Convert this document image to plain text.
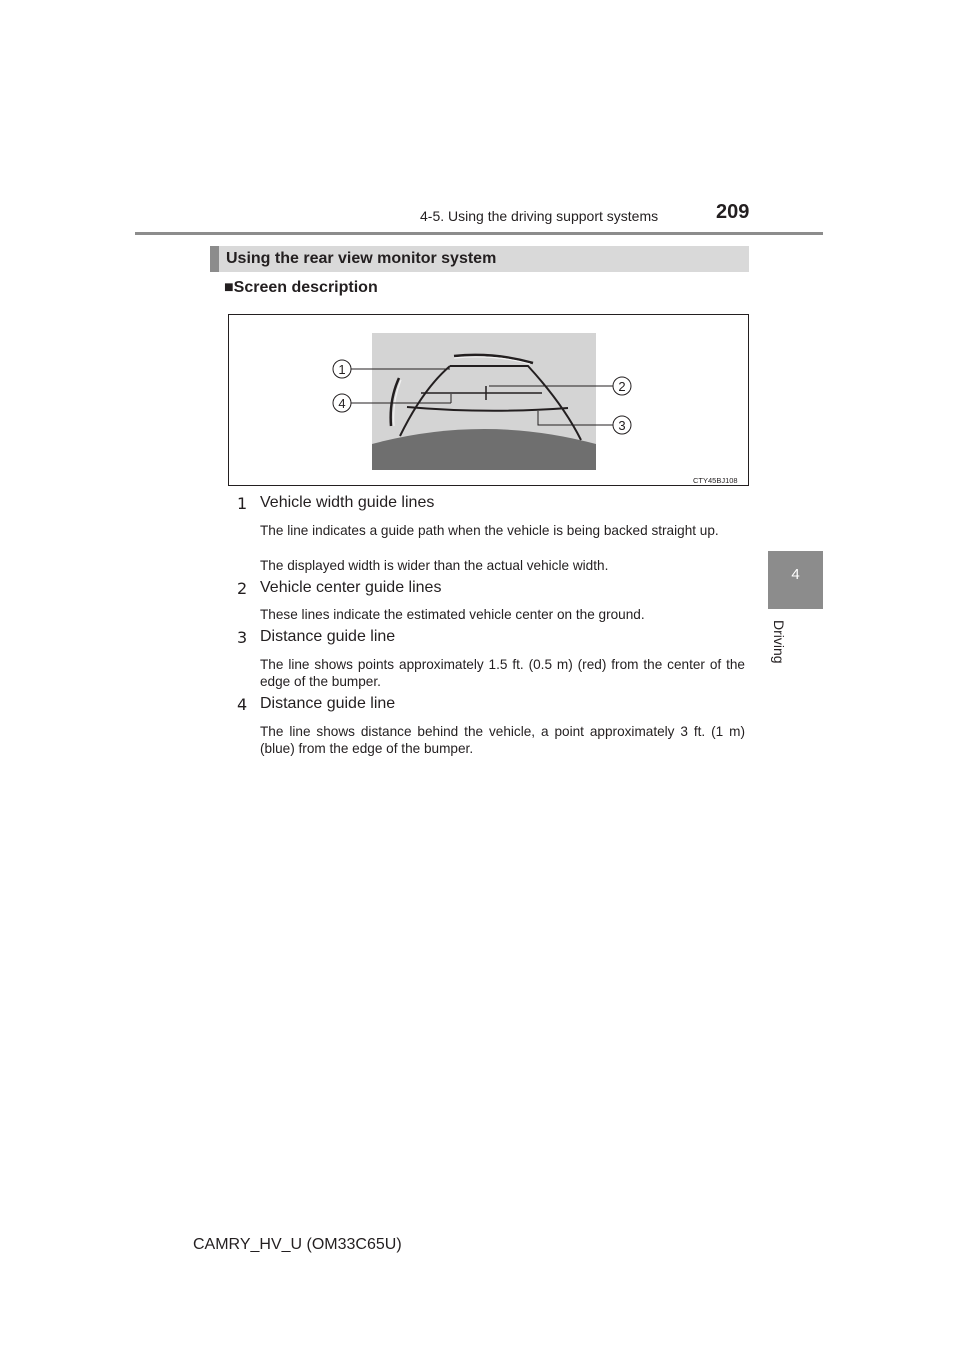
4-5. Using the driving support systems	209
4
Driving
Using the rear view monitor system
■Screen description
1
2
3
4
CTY45BJ108
1 Vehicle width guide lines
The line indicates a guide path when the vehicle is being backed straight up.
The displayed width is wider than the actual vehicle width.
2 Vehicle center guide lines
These lines indicate the estimated vehicle center on the ground.
3 Distance guide line
The line shows points approximately 1.5 ft. (0.5 m) (red) from the center of the edge of the bumper.
4 Distance guide line
The line shows distance behind the vehicle, a point approximately 3 ft. (1 m) (blue) from the edge of the bumper.
CAMRY_HV_U (OM33C65U)
